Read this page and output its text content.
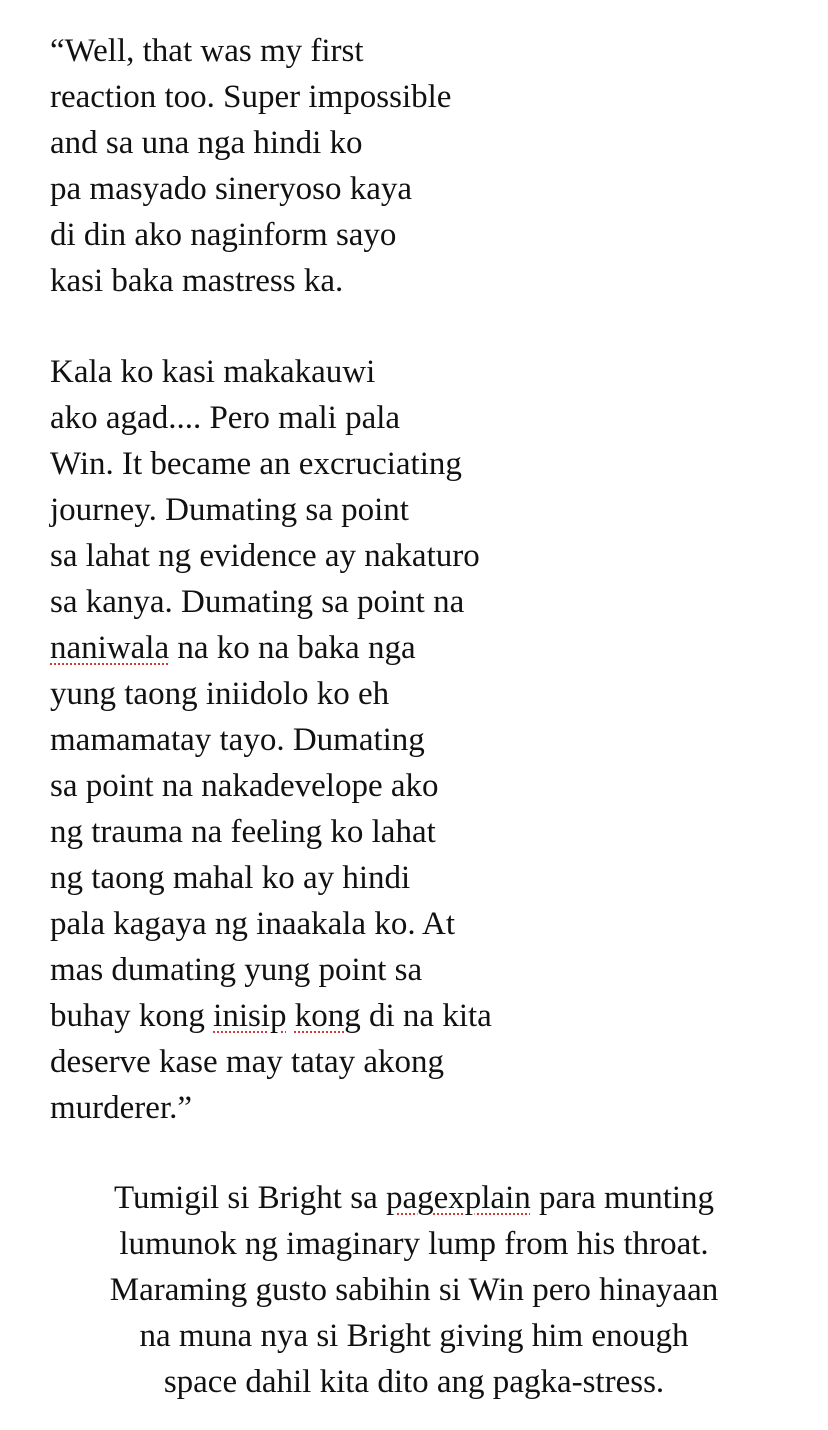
“Well, that was my first
reaction too. Super impossible
and sa una nga hindi ko
pa masyado sineryoso kaya
di din ako naginform sayo
kasi baka mastress ka.
Kala ko kasi makakauwi
ako agad.... Pero mali pala
Win. It became an excruciating
journey. Dumating sa point
sa lahat ng evidence ay nakaturo
sa kanya. Dumating sa point na
naniwala na ko na baka nga
yung taong iniidolo ko eh
mamamatay tayo. Dumating
sa point na nakadevelope ako
ng trauma na feeling ko lahat
ng taong mahal ko ay hindi
pala kagaya ng inaakala ko. At
mas dumating yung point sa
buhay kong inisip kong di na kita
deserve kase may tatay akong
murderer.”
Tumigil si Bright sa pagexplain para munting
lumunok ng imaginary lump from his throat.
Maraming gusto sabihin si Win pero hinayaan
na muna nya si Bright giving him enough
space dahil kita dito ang pagka-stress.
